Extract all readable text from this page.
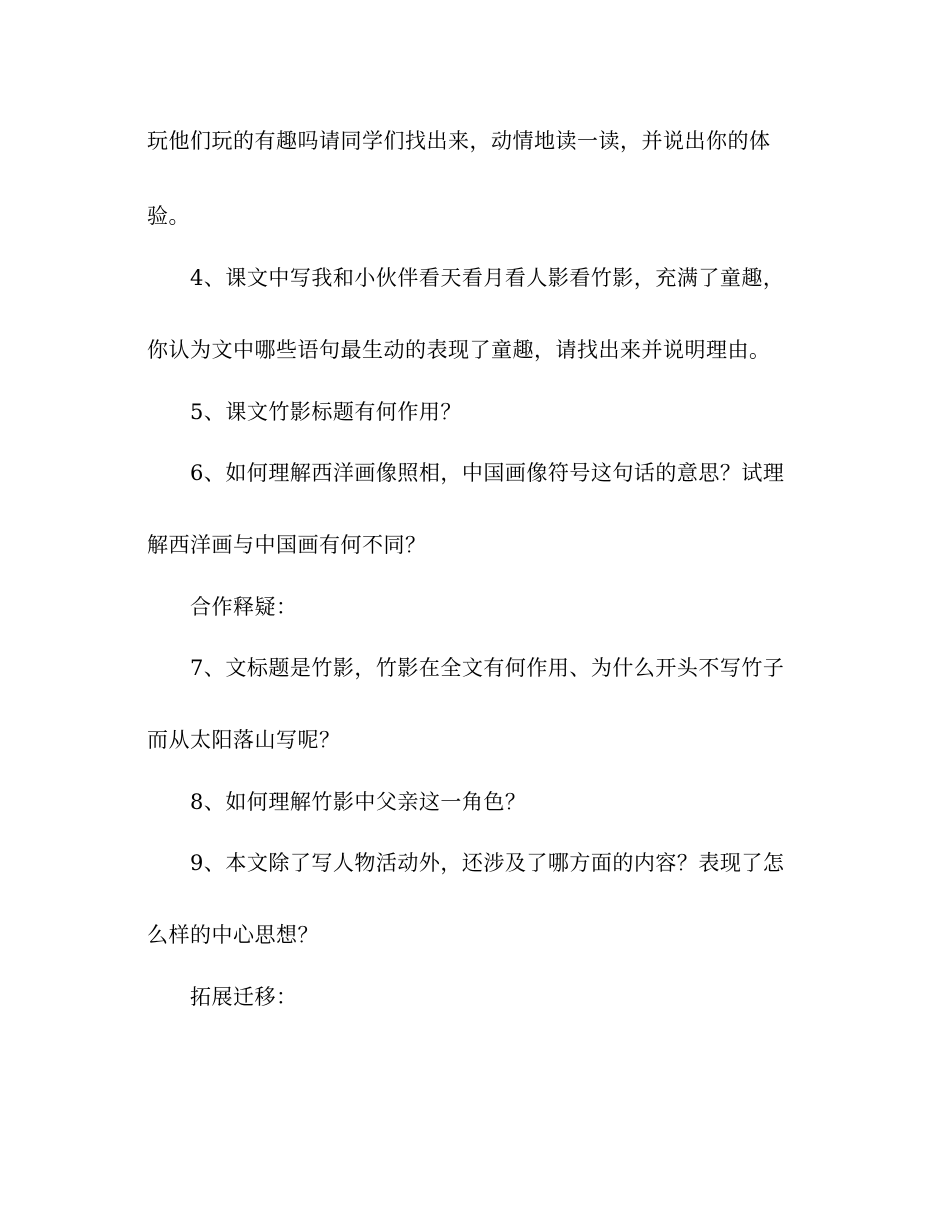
玩他们玩的有趣吗请同学们找出来，动情地读一读，并说出你的体
验。
4、课文中写我和小伙伴看天看月看人影看竹影，充满了童趣，
你认为文中哪些语句最生动的表现了童趣，请找出来并说明理由。
5、课文竹影标题有何作用？
6、如何理解西洋画像照相，中国画像符号这句话的意思？试理
解西洋画与中国画有何不同？
合作释疑：
7、文标题是竹影，竹影在全文有何作用、为什么开头不写竹子
而从太阳落山写呢？
8、如何理解竹影中父亲这一角色？
9、本文除了写人物活动外，还涉及了哪方面的内容？表现了怎
么样的中心思想？
拓展迁移：
